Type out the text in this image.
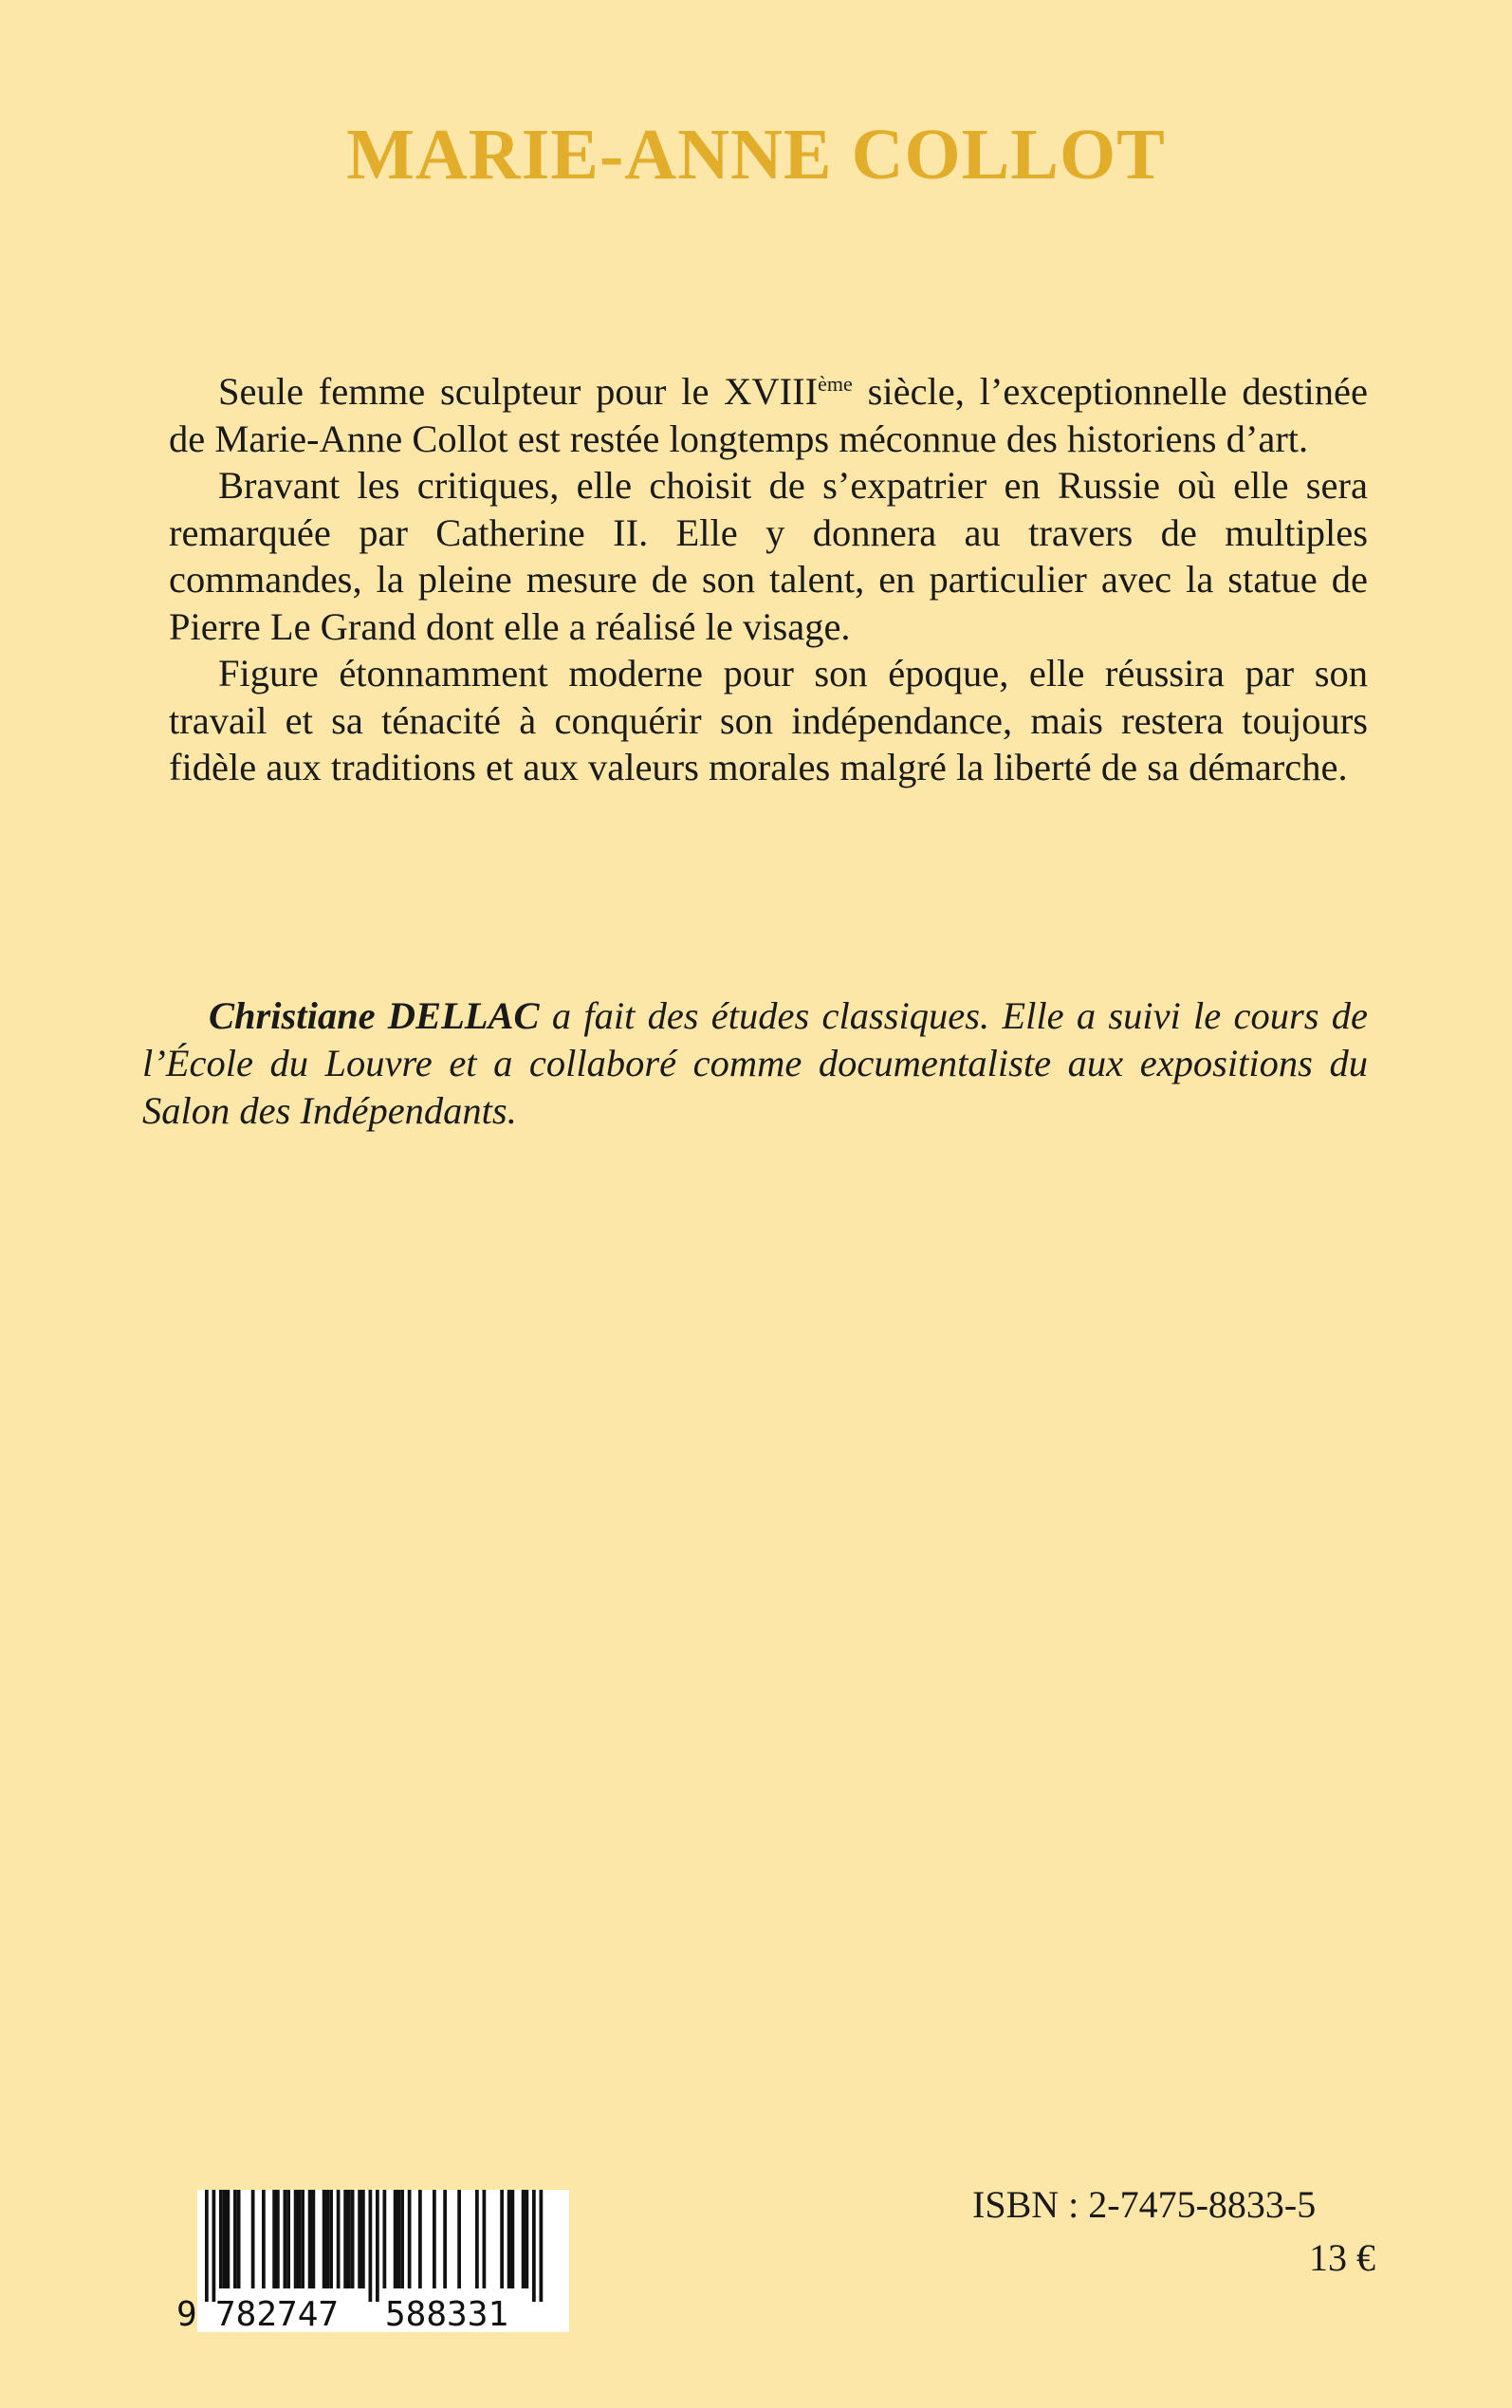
MARIE-ANNE COLLOT

Seule femme sculpteur pour le XVIIIème siècle, l’exceptionnelle destinée de Marie-Anne Collot est restée longtemps méconnue des historiens d’art.

Bravant les critiques, elle choisit de s’expatrier en Russie où elle sera remarquée par Catherine II. Elle y donnera au travers de multiples commandes, la pleine mesure de son talent, en particulier avec la statue de Pierre Le Grand dont elle a réalisé le visage.

Figure étonnamment moderne pour son époque, elle réussira par son travail et sa ténacité à conquérir son indépendance, mais restera toujours fidèle aux traditions et aux valeurs morales malgré la liberté de sa démarche.

Christiane DELLAC a fait des études classiques. Elle a suivi le cours de l’École du Louvre et a collaboré comme documentaliste aux expositions du Salon des Indépendants.
9 782747 588331
ISBN : 2-7475-8833-5
13 €
